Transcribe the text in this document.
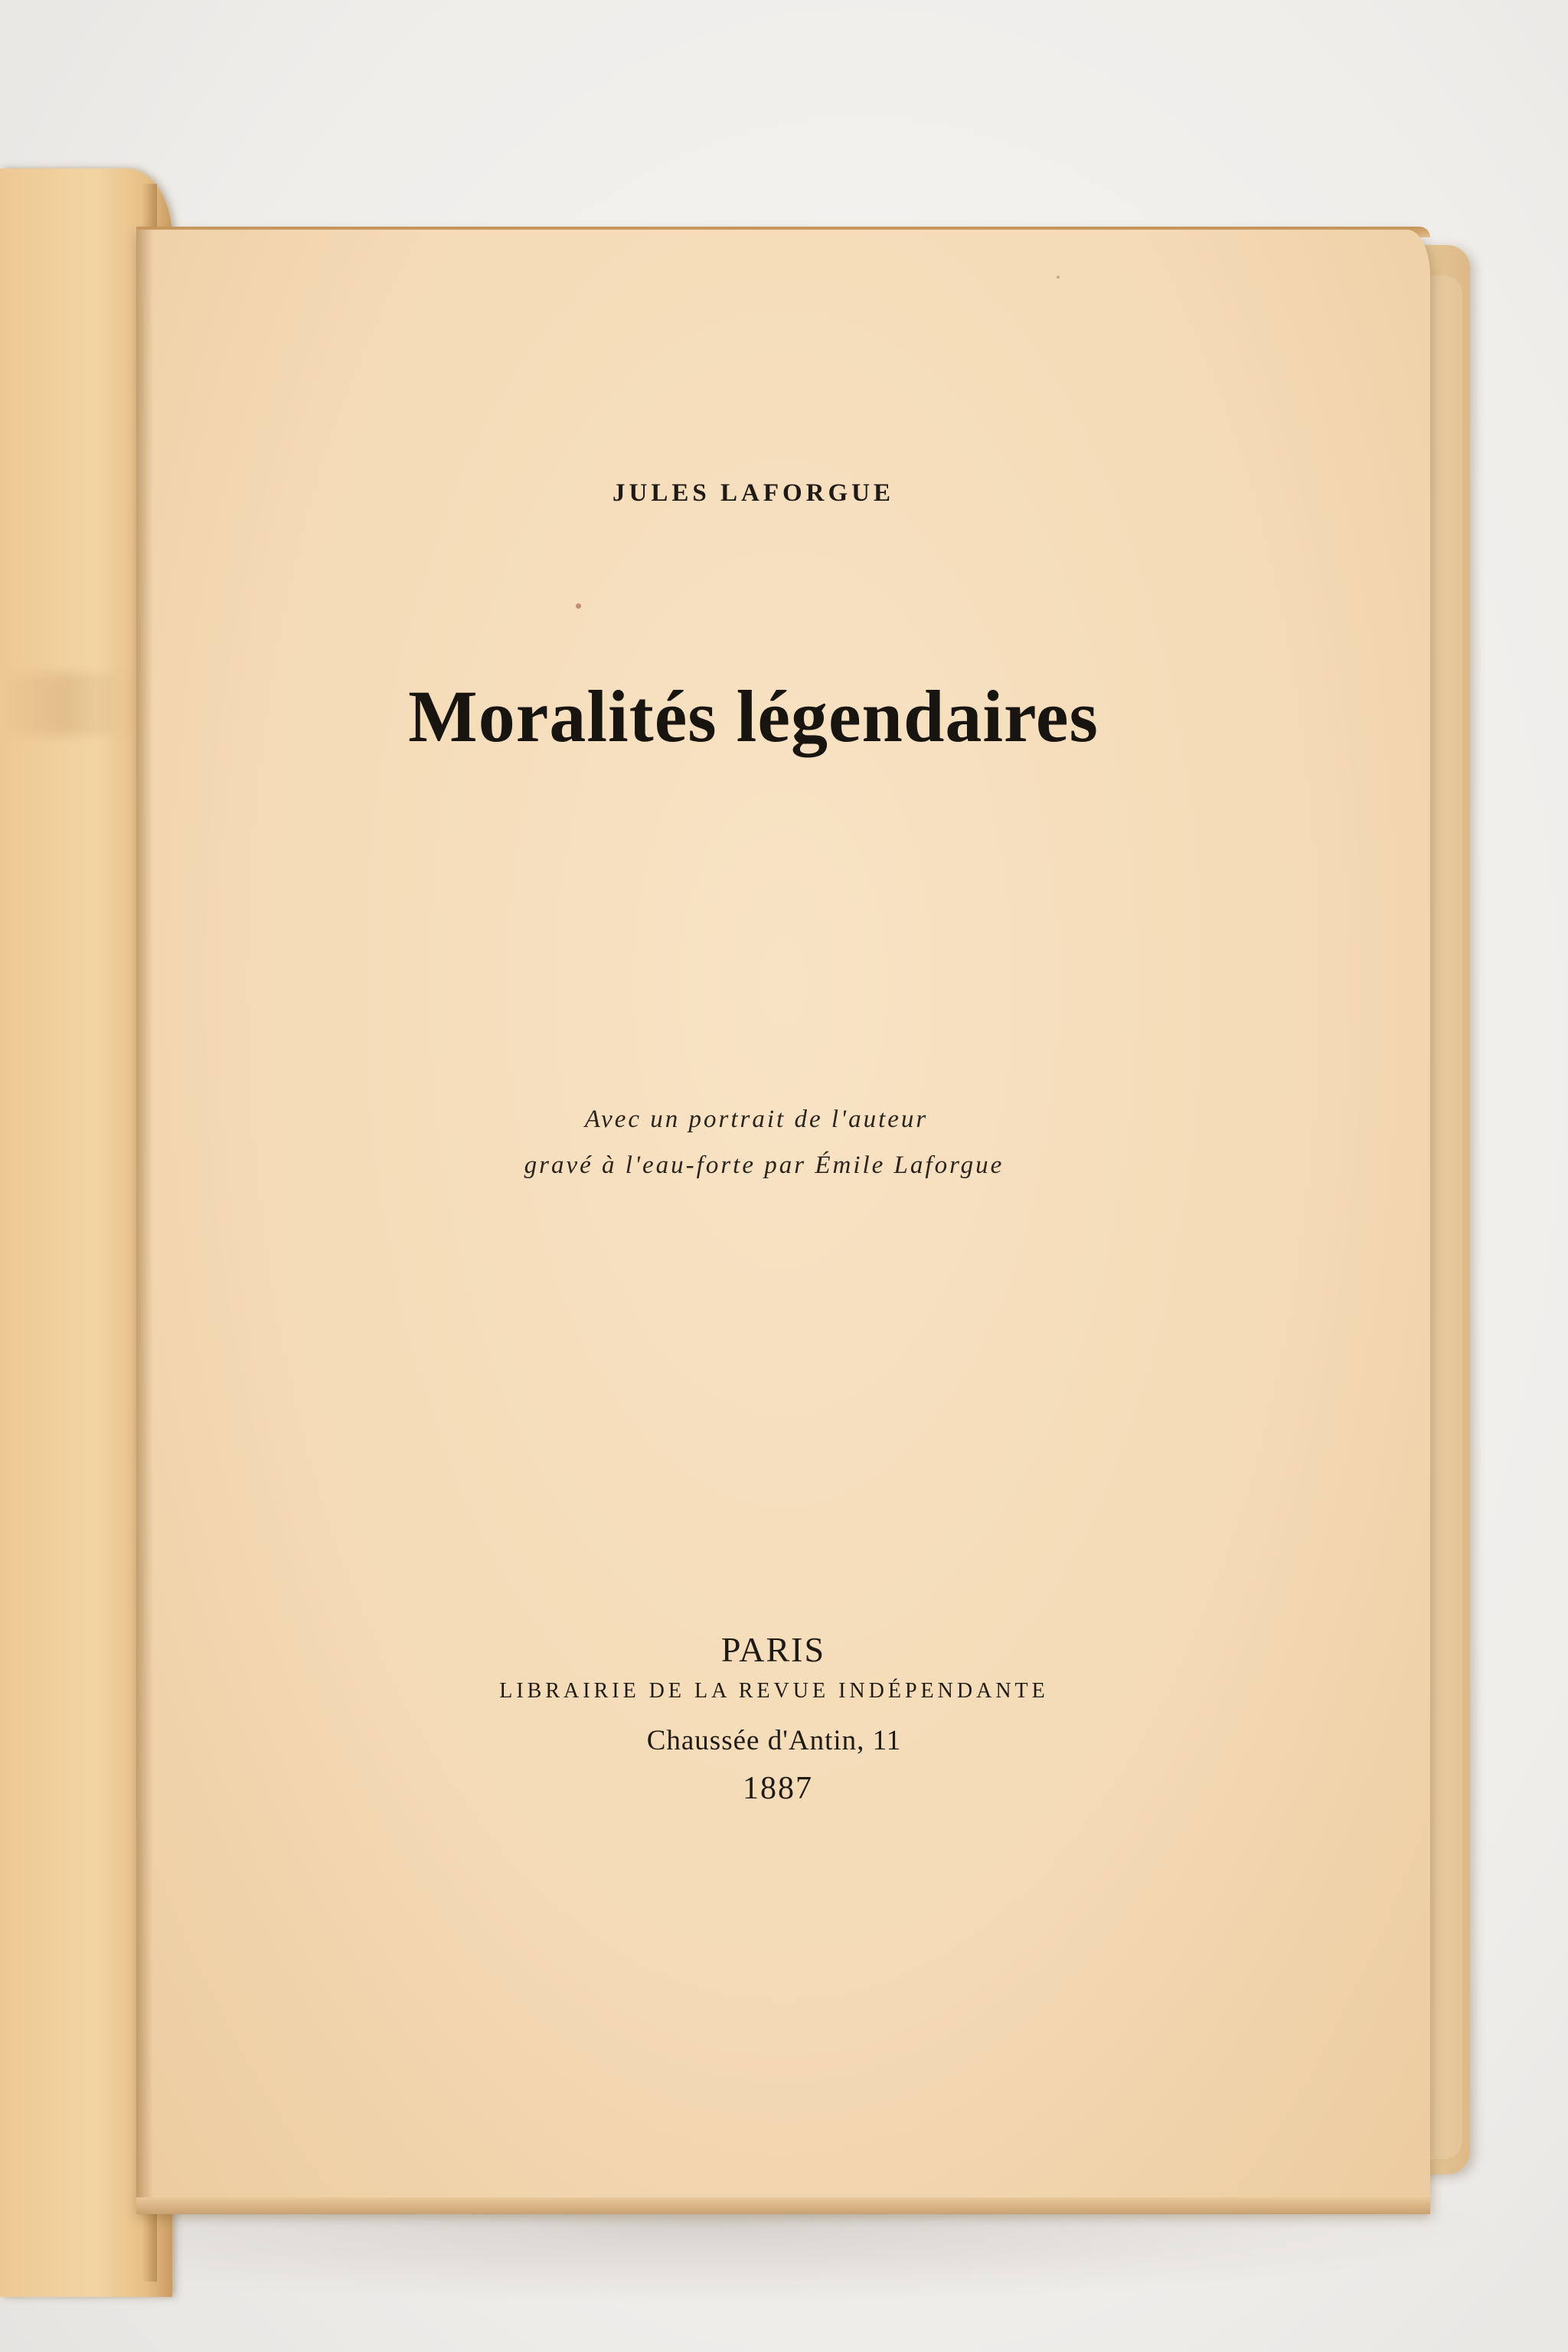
JULES LAFORGUE
Moralités légendaires
Avec un portrait de l'auteur
gravé à l'eau-forte par Émile Laforgue
PARIS
LIBRAIRIE DE LA REVUE INDÉPENDANTE
Chaussée d'Antin, 11
1887
